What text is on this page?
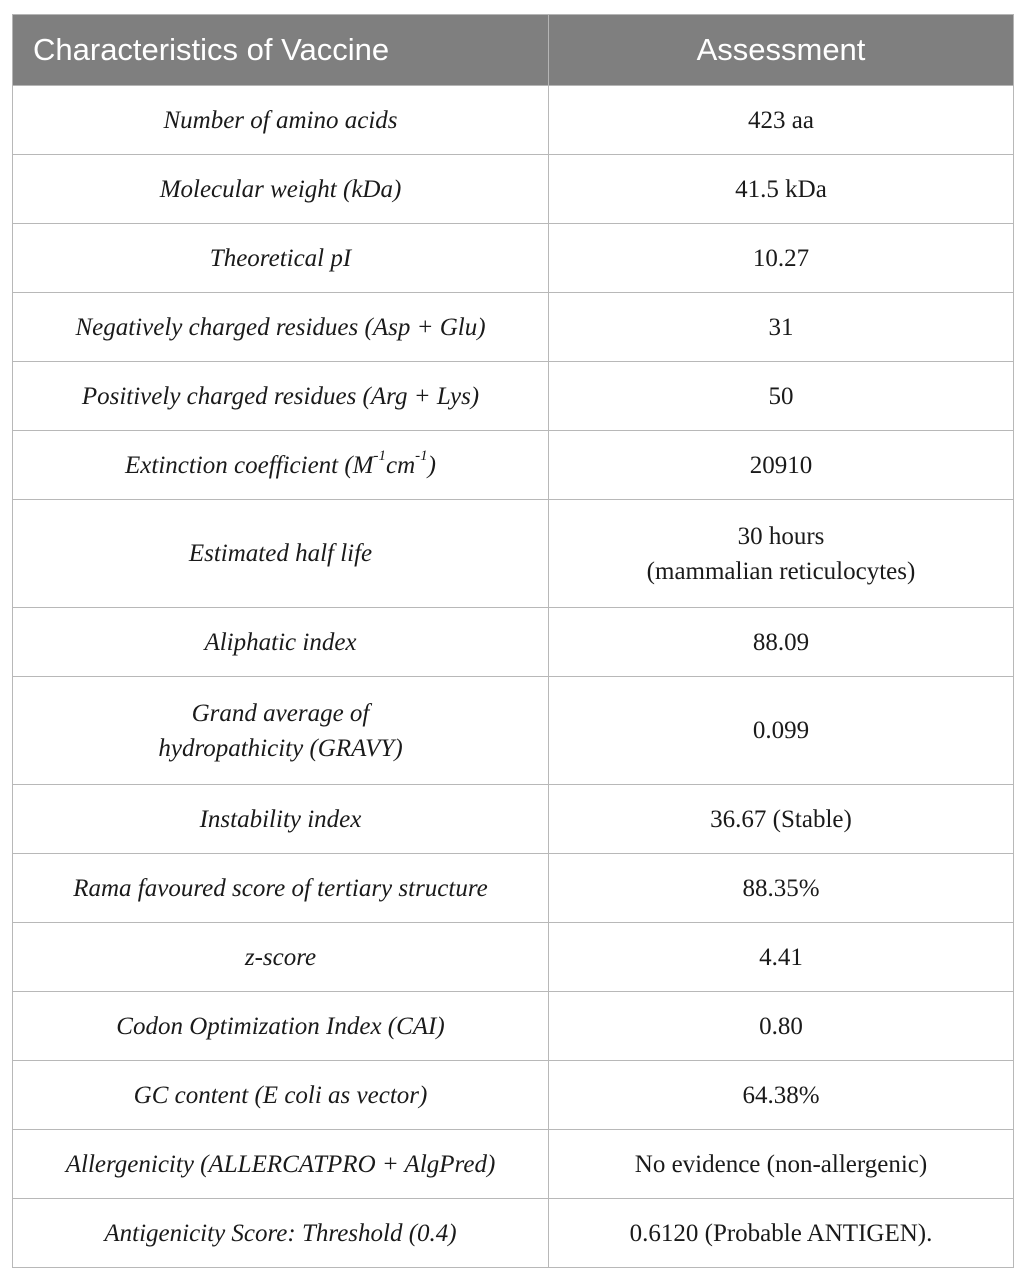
Characteristics of Vaccine	Assessment
Number of amino acids	423 aa
Molecular weight (kDa)	41.5 kDa
Theoretical pI	10.27
Negatively charged residues (Asp + Glu)	31
Positively charged residues (Arg + Lys)	50
Extinction coefficient $(M^{-1}cm^{-1})$	20910
Estimated half life	30 hours
(mammalian reticulocytes)

Aliphatic index	88.09

Grand average of
hydropathicity (GRAVY)	0.099
Instability index	36.67 (Stable)
Rama favoured score of tertiary structure	88.35%
z-score	4.41
Codon Optimization Index (CAI)	0.80
GC content (E coli as vector)	64.38%
Allergenicity (ALLERCATPRO + AlgPred)	No evidence (non-allergenic)
Antigenicity Score: Threshold (0.4)	0.6120 (Probable ANTIGEN).
